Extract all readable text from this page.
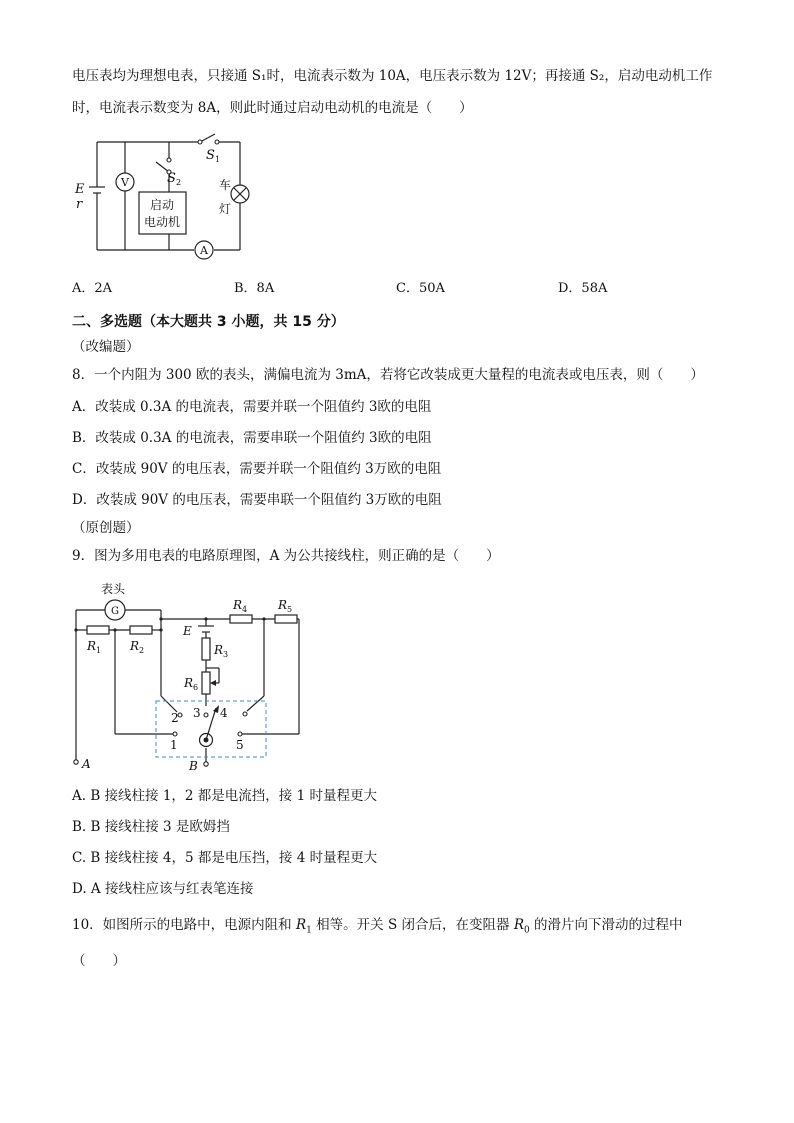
电压表均为理想电表，只接通 S₁时，电流表示数为 10A，电压表示数为 12V；再接通 S₂，启动电动机工作
时，电流表示数变为 8A，则此时通过启动电动机的电流是（　　）
S 1
S 2
V
A
E
r	启动
电动机
车
灯
A．2A	B．8A	C．50A	D．58A
二、多选题（本大题共 3 小题，共 15 分）
（改编题）
8．一个内阻为 300 欧的表头，满偏电流为 3mA，若将它改装成更大量程的电流表或电压表，则（　　）
A．改装成 0.3A 的电流表，需要并联一个阻值约 3欧的电阻
B．改装成 0.3A 的电流表，需要串联一个阻值约 3欧的电阻
C．改装成 90V 的电压表，需要并联一个阻值约 3万欧的电阻
D．改装成 90V 的电压表，需要串联一个阻值约 3万欧的电阻
（原创题）
9．图为多用电表的电路原理图，A 为公共接线柱，则正确的是（　　）
表头
G
R 1 R 2	R 3
R 4	R 5
R 6
E
1
2 3 4
5
A	B
A. B 接线柱接 1，2 都是电流挡，接 1 时量程更大
B. B 接线柱接 3 是欧姆挡
C. B 接线柱接 4，5 都是电压挡，接 4 时量程更大
D. A 接线柱应该与红表笔连接
10．如图所示的电路中，电源内阻和 $R_1$ 相等。开关 S 闭合后，在变阻器 $R_0$ 的滑片向下滑动的过程中
（　　）
